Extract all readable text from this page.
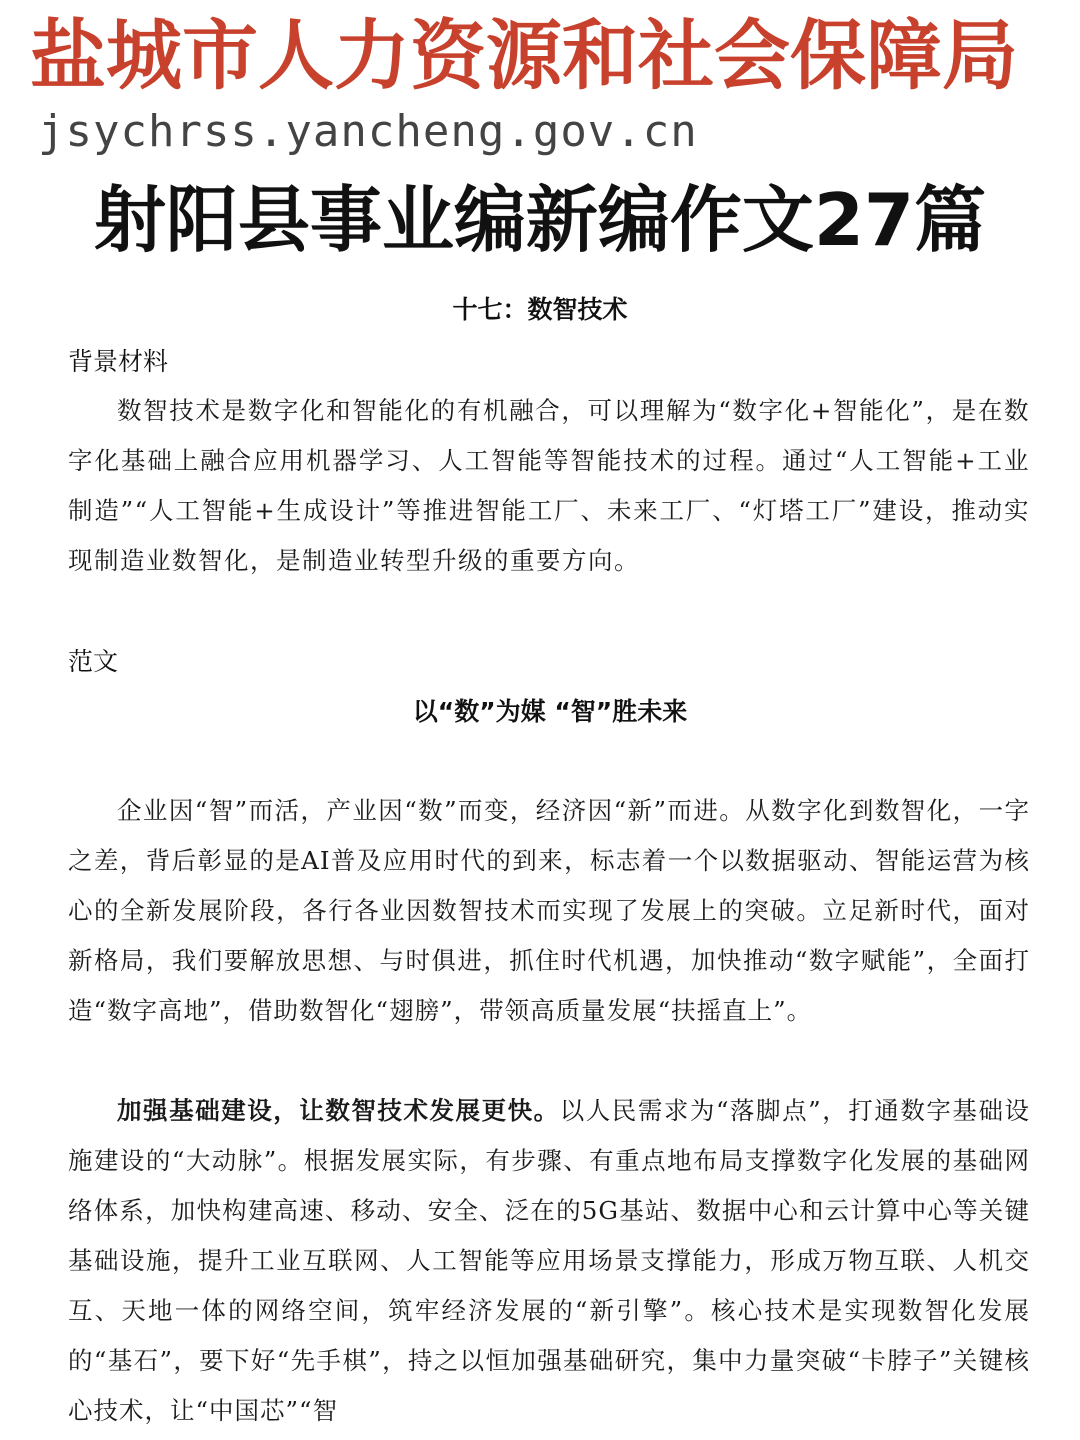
盐城市人力资源和社会保障局
jsychrss.yancheng.gov.cn
射阳县事业编新编作文27篇
十七：数智技术
背景材料

数智技术是数字化和智能化的有机融合，可以理解为“数字化+智能化”，是在数字化基础上融合应用机器学习、人工智能等智能技术的过程。通过“人工智能+工业制造”“人工智能+生成设计”等推进智能工厂、未来工厂、“灯塔工厂”建设，推动实现制造业数智化，是制造业转型升级的重要方向。

范文
以“数”为媒 “智”胜未来

企业因“智”而活，产业因“数”而变，经济因“新”而进。从数字化到数智化，一字之差，背后彰显的是AI普及应用时代的到来，标志着一个以数据驱动、智能运营为核心的全新发展阶段，各行各业因数智技术而实现了发展上的突破。立足新时代，面对新格局，我们要解放思想、与时俱进，抓住时代机遇，加快推动“数字赋能”，全面打造“数字高地”，借助数智化“翅膀”，带领高质量发展“扶摇直上”。

加强基础建设，让数智技术发展更快。以人民需求为“落脚点”，打通数字基础设施建设的“大动脉”。根据发展实际，有步骤、有重点地布局支撑数字化发展的基础网络体系，加快构建高速、移动、安全、泛在的5G基站、数据中心和云计算中心等关键基础设施，提升工业互联网、人工智能等应用场景支撑能力，形成万物互联、人机交互、天地一体的网络空间，筑牢经济发展的“新引擎”。核心技术是实现数智化发展的“基石”，要下好“先手棋”，持之以恒加强基础研究，集中力量突破“卡脖子”关键核心技术，让“中国芯”“智
